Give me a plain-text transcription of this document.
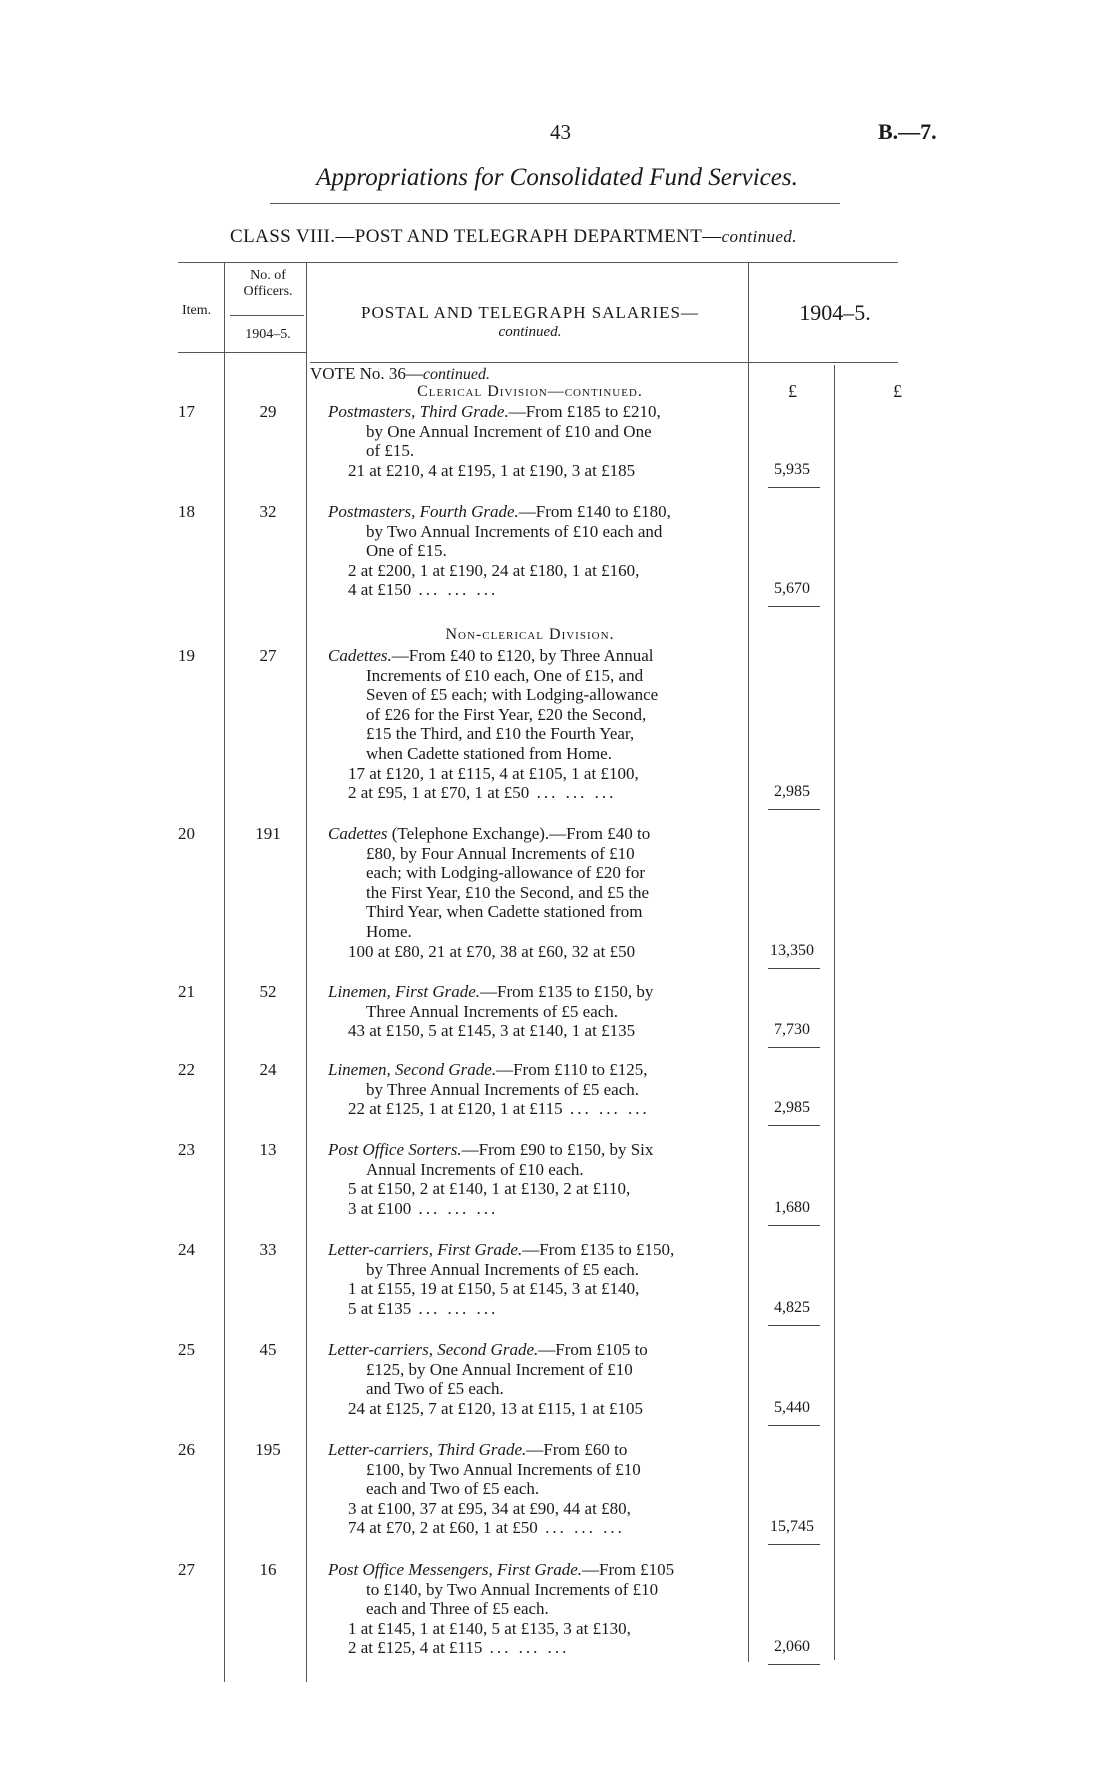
43	B.—7.
Appropriations for Consolidated Fund Services.
CLASS VIII.—POST AND TELEGRAPH DEPARTMENT—continued.
Item.
No. of Officers.
1904–5.
POSTAL AND TELEGRAPH SALARIES—
continued.
1904–5.
VOTE No. 36—continued.
Clerical Division—continued.	£	£
Non-clerical Division.
17	29	Postmasters, Third Grade.—From £185 to £210,
by One Annual Increment of £10 and One
of £15.
21 at £210, 4 at £195, 1 at £190, 3 at £185	5,935
18	32	Postmasters, Fourth Grade.—From £140 to £180,
by Two Annual Increments of £10 each and
One of £15.
2 at £200, 1 at £190, 24 at £180, 1 at £160,
4 at £150 ... ... ...	5,670
19	27	Cadettes.—From £40 to £120, by Three Annual
Increments of £10 each, One of £15, and
Seven of £5 each; with Lodging-allowance
of £26 for the First Year, £20 the Second,
£15 the Third, and £10 the Fourth Year,
when Cadette stationed from Home.
17 at £120, 1 at £115, 4 at £105, 1 at £100,
2 at £95, 1 at £70, 1 at £50 ... ... ...	2,985
20	191	Cadettes (Telephone Exchange).—From £40 to
£80, by Four Annual Increments of £10
each; with Lodging-allowance of £20 for
the First Year, £10 the Second, and £5 the
Third Year, when Cadette stationed from
Home.
100 at £80, 21 at £70, 38 at £60, 32 at £50	13,350
21	52	Linemen, First Grade.—From £135 to £150, by
Three Annual Increments of £5 each.
43 at £150, 5 at £145, 3 at £140, 1 at £135	7,730
22	24	Linemen, Second Grade.—From £110 to £125,
by Three Annual Increments of £5 each.
22 at £125, 1 at £120, 1 at £115 ... ... ...	2,985
23	13	Post Office Sorters.—From £90 to £150, by Six
Annual Increments of £10 each.
5 at £150, 2 at £140, 1 at £130, 2 at £110,
3 at £100 ... ... ...	1,680
24	33	Letter-carriers, First Grade.—From £135 to £150,
by Three Annual Increments of £5 each.
1 at £155, 19 at £150, 5 at £145, 3 at £140,
5 at £135 ... ... ...	4,825
25	45	Letter-carriers, Second Grade.—From £105 to
£125, by One Annual Increment of £10
and Two of £5 each.
24 at £125, 7 at £120, 13 at £115, 1 at £105	5,440
26	195	Letter-carriers, Third Grade.—From £60 to
£100, by Two Annual Increments of £10
each and Two of £5 each.
3 at £100, 37 at £95, 34 at £90, 44 at £80,
74 at £70, 2 at £60, 1 at £50 ... ... ...	15,745
27	16	Post Office Messengers, First Grade.—From £105
to £140, by Two Annual Increments of £10
each and Three of £5 each.
1 at £145, 1 at £140, 5 at £135, 3 at £130,
2 at £125, 4 at £115 ... ... ...	2,060
